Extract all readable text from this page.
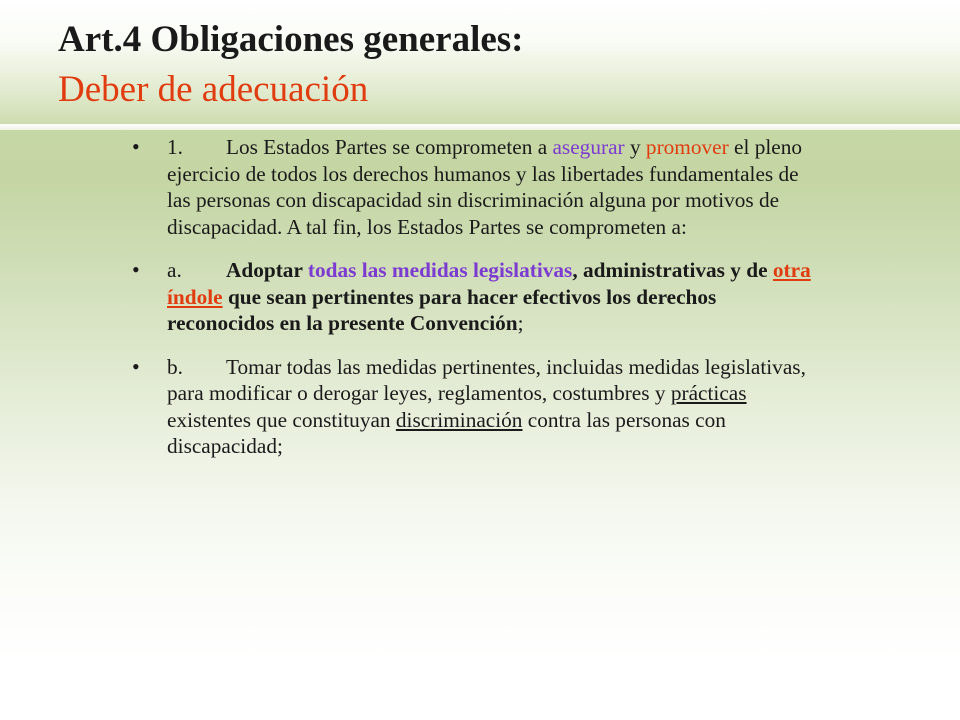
Art.4 Obligaciones generales:
Deber de adecuación
• 1. Los Estados Partes se comprometen a asegurar y promover el pleno ejercicio de todos los derechos humanos y las libertades fundamentales de las personas con discapacidad sin discriminación alguna por motivos de discapacidad. A tal fin, los Estados Partes se comprometen a:
• a. Adoptar todas las medidas legislativas, administrativas y de otra índole que sean pertinentes para hacer efectivos los derechos reconocidos en la presente Convención;
• b. Tomar todas las medidas pertinentes, incluidas medidas legislativas, para modificar o derogar leyes, reglamentos, costumbres y prácticas existentes que constituyan discriminación contra las personas con discapacidad;
